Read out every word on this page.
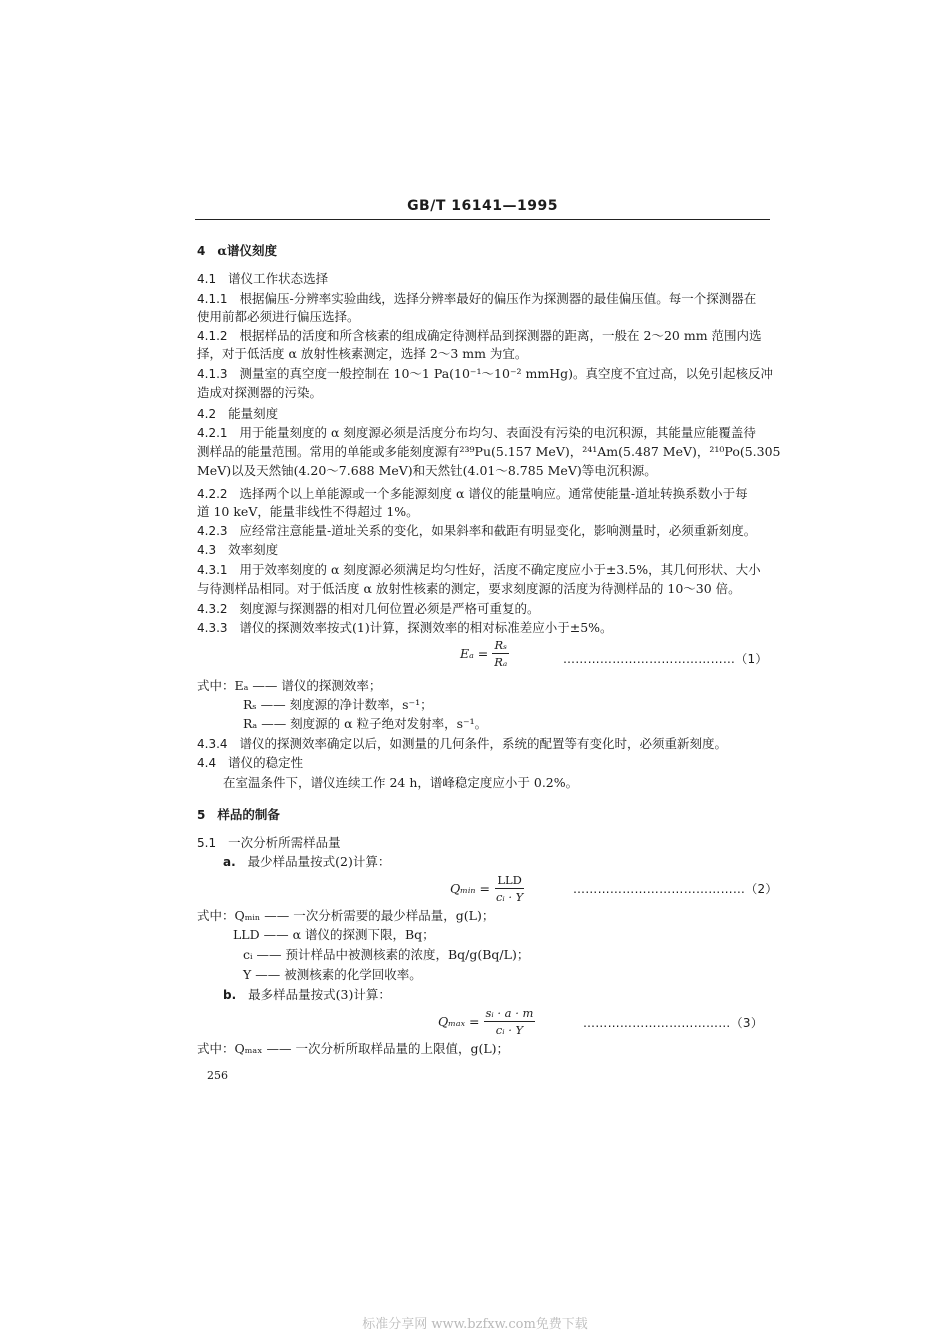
GB/T 16141—1995
4 α谱仪刻度
4.1 谱仪工作状态选择
4.1.1 根据偏压-分辨率实验曲线，选择分辨率最好的偏压作为探测器的最佳偏压值。每一个探测器在
使用前都必须进行偏压选择。
4.1.2 根据样品的活度和所含核素的组成确定待测样品到探测器的距离，一般在 2～20 mm 范围内选
择，对于低活度 α 放射性核素测定，选择 2～3 mm 为宜。
4.1.3 测量室的真空度一般控制在 10～1 Pa(10⁻¹～10⁻² mmHg)。真空度不宜过高，以免引起核反冲
造成对探测器的污染。
4.2 能量刻度
4.2.1 用于能量刻度的 α 刻度源必须是活度分布均匀、表面没有污染的电沉积源，其能量应能覆盖待
测样品的能量范围。常用的单能或多能刻度源有²³⁹Pu(5.157 MeV)，²⁴¹Am(5.487 MeV)，²¹⁰Po(5.305
MeV)以及天然铀(4.20～7.688 MeV)和天然钍(4.01～8.785 MeV)等电沉积源。
4.2.2 选择两个以上单能源或一个多能源刻度 α 谱仪的能量响应。通常使能量-道址转换系数小于每
道 10 keV，能量非线性不得超过 1%。
4.2.3 应经常注意能量-道址关系的变化，如果斜率和截距有明显变化，影响测量时，必须重新刻度。
4.3 效率刻度
4.3.1 用于效率刻度的 α 刻度源必须满足均匀性好，活度不确定度应小于±3.5%，其几何形状、大小
与待测样品相同。对于低活度 α 放射性核素的测定，要求刻度源的活度为待测样品的 10～30 倍。
4.3.2 刻度源与探测器的相对几何位置必须是严格可重复的。
4.3.3 谱仪的探测效率按式(1)计算，探测效率的相对标准差应小于±5%。
$E_a = \frac{\text{Rₛ}}{\text{Rₐ}}$	……………………………………（1）
式中：Eₐ —— 谱仪的探测效率；
Rₛ —— 刻度源的净计数率，s⁻¹；
Rₐ —— 刻度源的 α 粒子绝对发射率，s⁻¹。
4.3.4 谱仪的探测效率确定以后，如测量的几何条件，系统的配置等有变化时，必须重新刻度。
4.4 谱仪的稳定性
在室温条件下，谱仪连续工作 24 h，谱峰稳定度应小于 0.2%。
5 样品的制备
5.1 一次分析所需样品量
a. 最少样品量按式(2)计算：
Qₘᵢₙ = $\frac{\text{LLD}}{\text{cᵢ · Y}}$	……………………………………（2）
式中：Qₘᵢₙ —— 一次分析需要的最少样品量，g(L)；
LLD —— α 谱仪的探测下限，Bq；
cᵢ —— 预计样品中被测核素的浓度，Bq/g(Bq/L)；
Y —— 被测核素的化学回收率。
b. 最多样品量按式(3)计算：
$Q_{max} = \frac{\text{sᵢ · a · m}}{\text{cᵢ · Y}}$	………………………………（3）
式中：Qₘₐₓ —— 一次分析所取样品量的上限值，g(L)；
256
标准分享网 www.bzfxw.com免费下载
